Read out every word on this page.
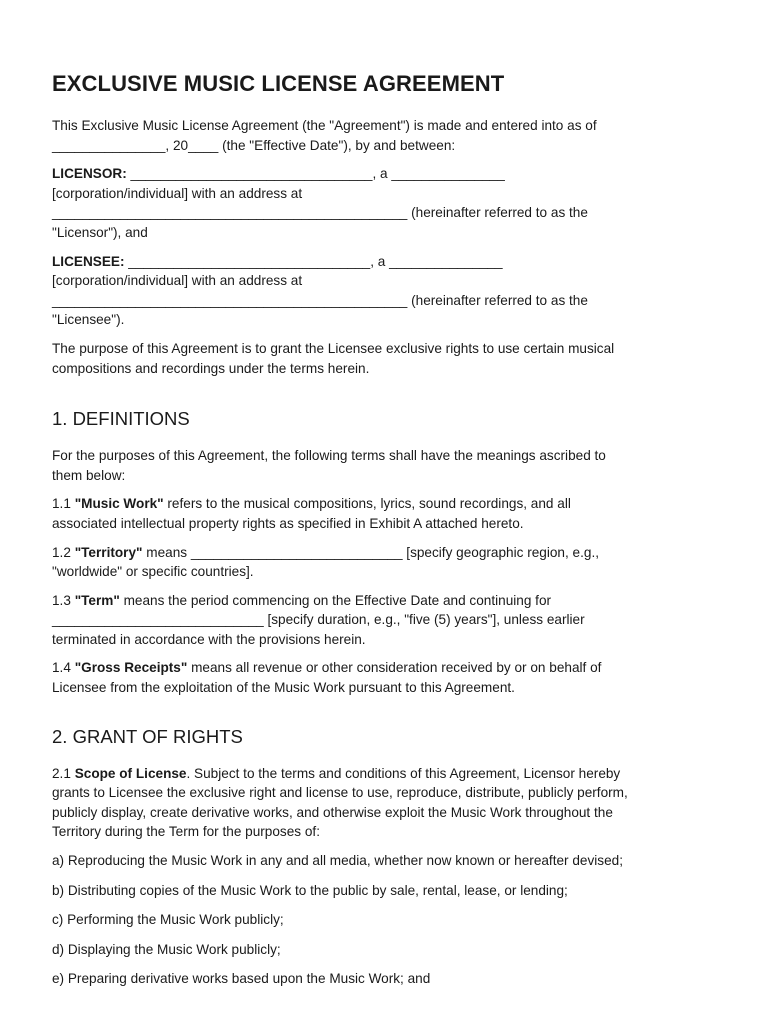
EXCLUSIVE MUSIC LICENSE AGREEMENT

This Exclusive Music License Agreement (the "Agreement") is made and entered into as of
_______________, 20____ (the "Effective Date"), by and between:

LICENSOR: ________________________________, a _______________
[corporation/individual] with an address at
_______________________________________________ (hereinafter referred to as the
"Licensor"), and

LICENSEE: ________________________________, a _______________
[corporation/individual] with an address at
_______________________________________________ (hereinafter referred to as the
"Licensee").

The purpose of this Agreement is to grant the Licensee exclusive rights to use certain musical
compositions and recordings under the terms herein.

1. DEFINITIONS

For the purposes of this Agreement, the following terms shall have the meanings ascribed to
them below:

1.1 "Music Work" refers to the musical compositions, lyrics, sound recordings, and all
associated intellectual property rights as specified in Exhibit A attached hereto.

1.2 "Territory" means ____________________________ [specify geographic region, e.g.,
"worldwide" or specific countries].

1.3 "Term" means the period commencing on the Effective Date and continuing for
____________________________ [specify duration, e.g., "five (5) years"], unless earlier
terminated in accordance with the provisions herein.

1.4 "Gross Receipts" means all revenue or other consideration received by or on behalf of
Licensee from the exploitation of the Music Work pursuant to this Agreement.

2. GRANT OF RIGHTS

2.1 Scope of License. Subject to the terms and conditions of this Agreement, Licensor hereby
grants to Licensee the exclusive right and license to use, reproduce, distribute, publicly perform,
publicly display, create derivative works, and otherwise exploit the Music Work throughout the
Territory during the Term for the purposes of:

a) Reproducing the Music Work in any and all media, whether now known or hereafter devised;

b) Distributing copies of the Music Work to the public by sale, rental, lease, or lending;

c) Performing the Music Work publicly;

d) Displaying the Music Work publicly;

e) Preparing derivative works based upon the Music Work; and
